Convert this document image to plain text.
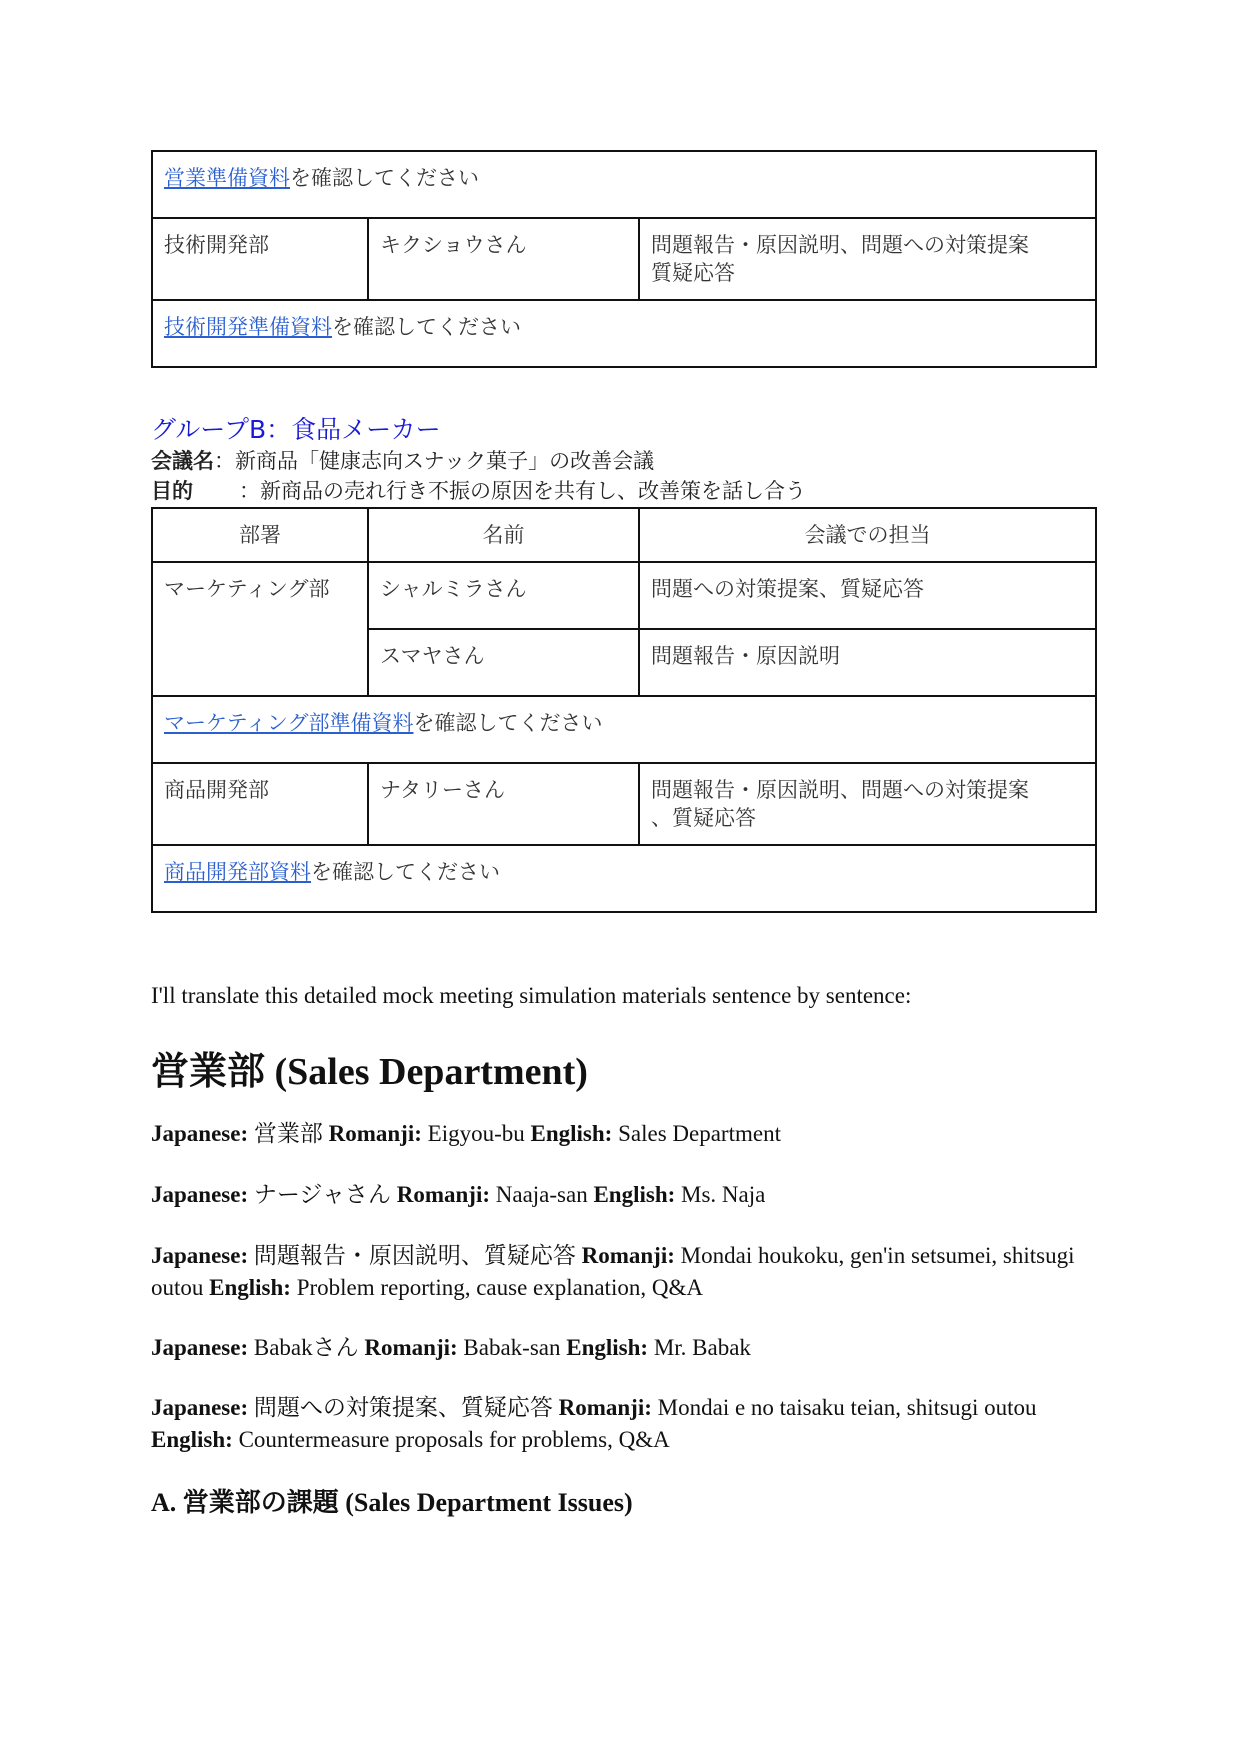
営業準備資料を確認してください
技術開発部	キクショウさん	問題報告・原因説明、問題への対策提案
質疑応答

技術開発準備資料を確認してください
グループB：食品メーカー
会議名：新商品「健康志向スナック菓子」の改善会議
目的 ：新商品の売れ行き不振の原因を共有し、改善策を話し合う
部署	名前	会議での担当
マーケティング部	シャルミラさん	問題への対策提案、質疑応答
	スマヤさん	問題報告・原因説明
マーケティング部準備資料を確認してください		
商品開発部	ナタリーさん	問題報告・原因説明、問題への対策提案
、質疑応答

商品開発部資料を確認してください		
I'll translate this detailed mock meeting simulation materials sentence by sentence:
営業部 (Sales Department)
Japanese: 営業部 Romanji: Eigyou-bu English: Sales Department
Japanese: ナージャさん Romanji: Naaja-san English: Ms. Naja
Japanese: 問題報告・原因説明、質疑応答 Romanji: Mondai houkoku, gen'in setsumei, shitsugi outou English: Problem reporting, cause explanation, Q&A
Japanese: Babakさん Romanji: Babak-san English: Mr. Babak
Japanese: 問題への対策提案、質疑応答 Romanji: Mondai e no taisaku teian, shitsugi outou English: Countermeasure proposals for problems, Q&A
A. 営業部の課題 (Sales Department Issues)
